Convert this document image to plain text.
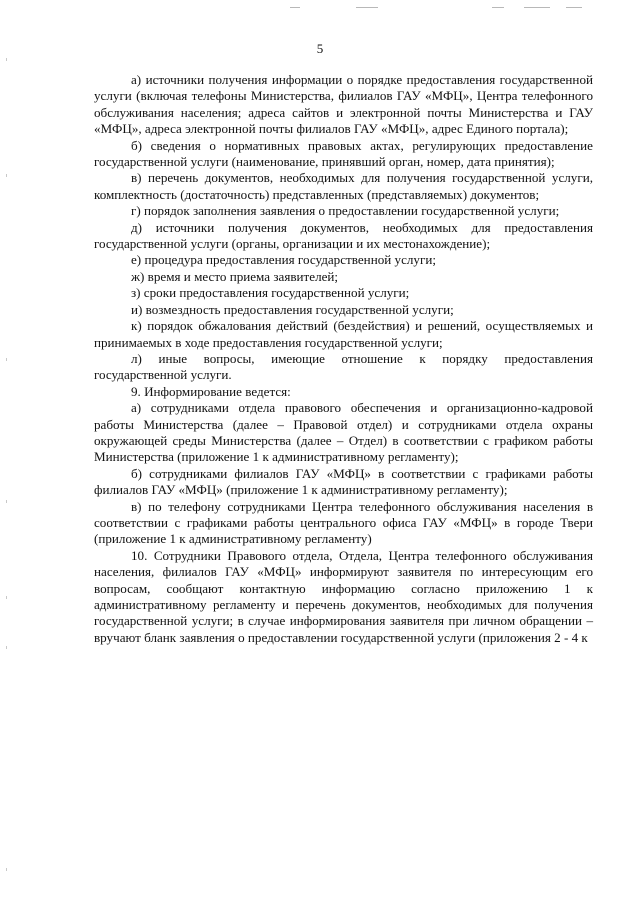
5

а) источники получения информации о порядке предоставления государственной услуги (включая телефоны Министерства, филиалов ГАУ «МФЦ», Центра телефонного обслуживания населения; адреса сайтов и электронной почты Министерства и ГАУ «МФЦ», адреса электронной почты филиалов ГАУ «МФЦ», адрес Единого портала);

б) сведения о нормативных правовых актах, регулирующих предоставление государственной услуги (наименование, принявший орган, номер, дата принятия);

в) перечень документов, необходимых для получения государственной услуги, комплектность (достаточность) представленных (представляемых) документов;

г) порядок заполнения заявления о предоставлении государственной услуги;

д) источники получения документов, необходимых для предоставления государственной услуги (органы, организации и их местонахождение);

е) процедура предоставления государственной услуги;

ж) время и место приема заявителей;

з) сроки предоставления государственной услуги;

и) возмездность предоставления государственной услуги;

к) порядок обжалования действий (бездействия) и решений, осуществляемых и принимаемых в ходе предоставления государственной услуги;

л) иные вопросы, имеющие отношение к порядку предоставления государственной услуги.

9. Информирование ведется:

а) сотрудниками отдела правового обеспечения и организационно-кадровой работы Министерства (далее – Правовой отдел) и сотрудниками отдела охраны окружающей среды Министерства (далее – Отдел) в соответствии с графиком работы Министерства (приложение 1 к административному регламенту);

б) сотрудниками филиалов ГАУ «МФЦ» в соответствии с графиками работы филиалов ГАУ «МФЦ» (приложение 1 к административному регламенту);

в) по телефону сотрудниками Центра телефонного обслуживания населения в соответствии с графиками работы центрального офиса ГАУ «МФЦ» в городе Твери (приложение 1 к административному регламенту)

10. Сотрудники Правового отдела, Отдела, Центра телефонного обслуживания населения, филиалов ГАУ «МФЦ» информируют заявителя по интересующим его вопросам, сообщают контактную информацию согласно приложению 1 к административному регламенту и перечень документов, необходимых для получения государственной услуги; в случае информирования заявителя при личном обращении – вручают бланк заявления о предоставлении государственной услуги (приложения 2 - 4 к
